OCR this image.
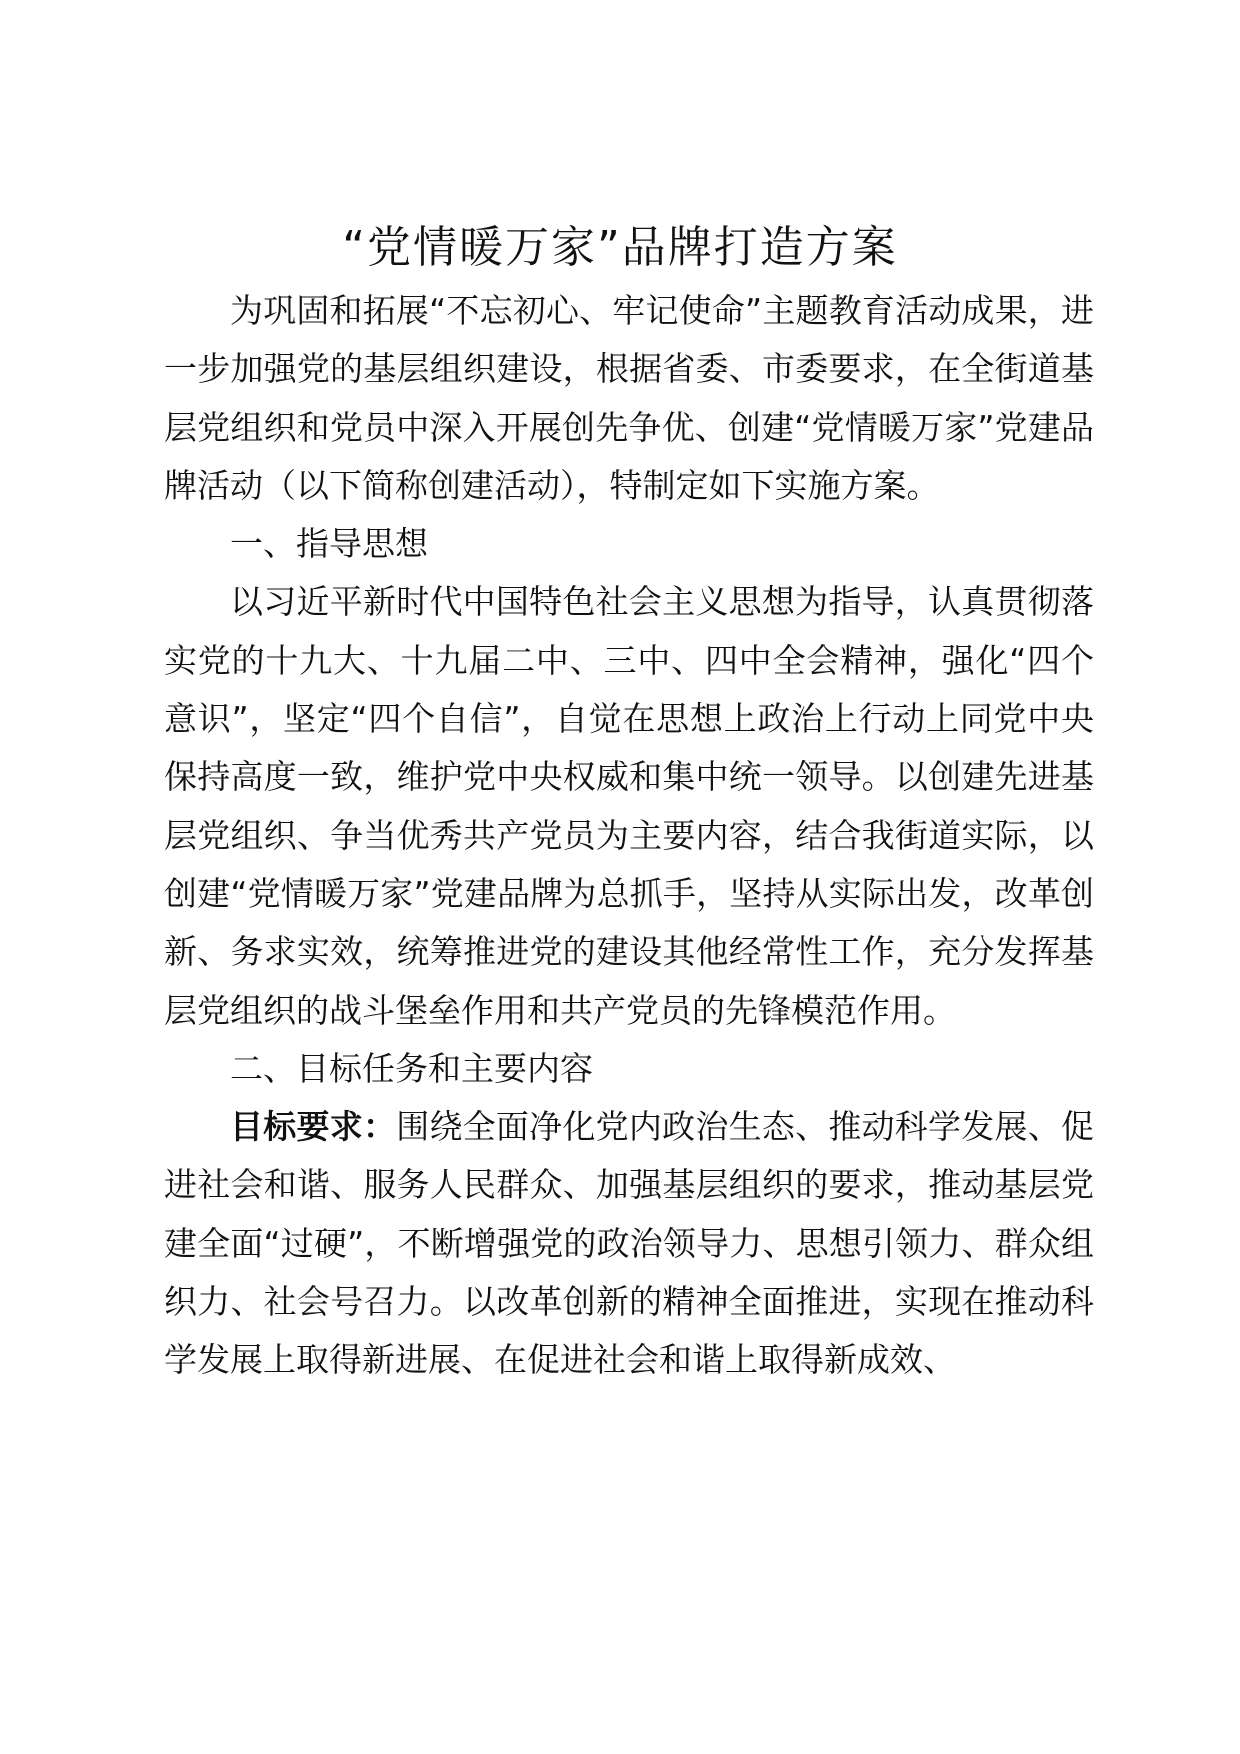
“党情暖万家”品牌打造方案

为巩固和拓展“不忘初心、牢记使命”主题教育活动成果，进一步加强党的基层组织建设，根据省委、市委要求，在全街道基层党组织和党员中深入开展创先争优、创建“党情暖万家”党建品牌活动（以下简称创建活动），特制定如下实施方案。

一、指导思想

以习近平新时代中国特色社会主义思想为指导，认真贯彻落实党的十九大、十九届二中、三中、四中全会精神，强化“四个意识”，坚定“四个自信”，自觉在思想上政治上行动上同党中央保持高度一致，维护党中央权威和集中统一领导。以创建先进基层党组织、争当优秀共产党员为主要内容，结合我街道实际，以创建“党情暖万家”党建品牌为总抓手，坚持从实际出发，改革创新、务求实效，统筹推进党的建设其他经常性工作，充分发挥基层党组织的战斗堡垒作用和共产党员的先锋模范作用。

二、目标任务和主要内容

目标要求：围绕全面净化党内政治生态、推动科学发展、促进社会和谐、服务人民群众、加强基层组织的要求，推动基层党建全面“过硬”，不断增强党的政治领导力、思想引领力、群众组织力、社会号召力。以改革创新的精神全面推进，实现在推动科学发展上取得新进展、在促进社会和谐上取得新成效、
